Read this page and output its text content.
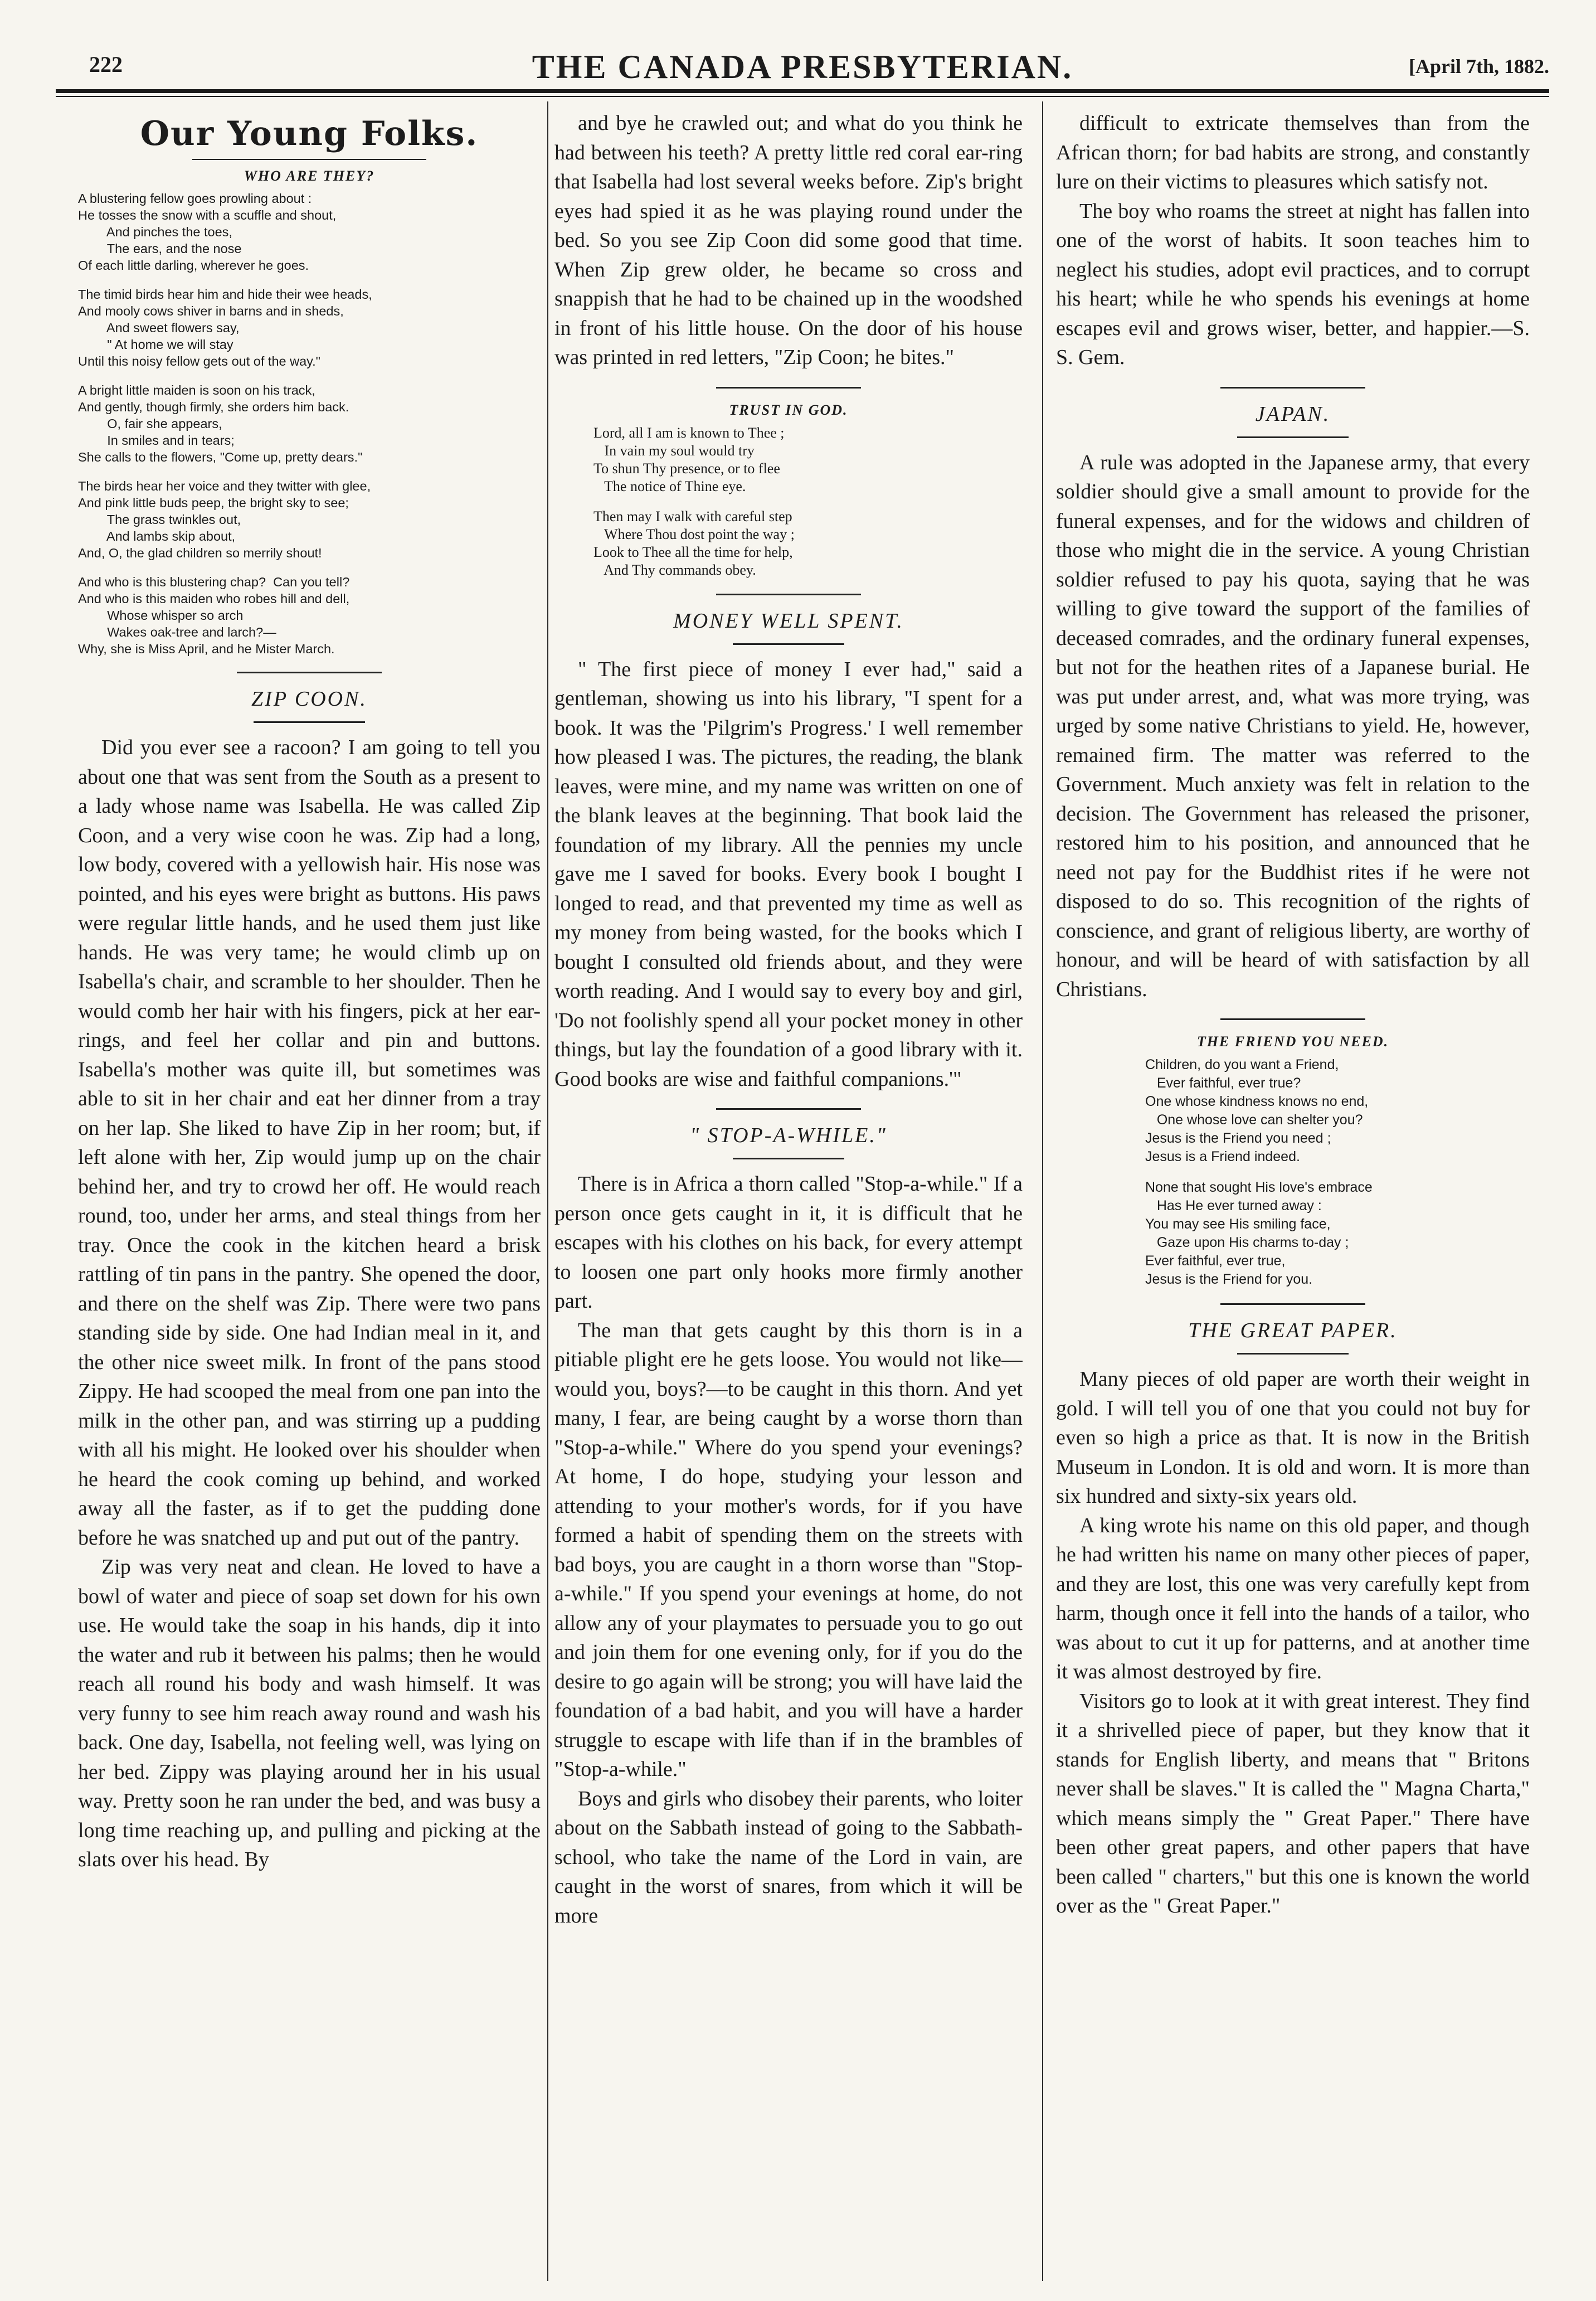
222	THE CANADA PRESBYTERIAN.	[April 7th, 1882.
Our Young Folks.
WHO ARE THEY?
A blustering fellow goes prowling about :
He tosses the snow with a scuffle and shout,
And pinches the toes,
The ears, and the nose
Of each little darling, wherever he goes.
The timid birds hear him and hide their wee heads,
And mooly cows shiver in barns and in sheds,
And sweet flowers say,
" At home we will stay
Until this noisy fellow gets out of the way."
A bright little maiden is soon on his track,
And gently, though firmly, she orders him back.
O, fair she appears,
In smiles and in tears;
She calls to the flowers, "Come up, pretty dears."
The birds hear her voice and they twitter with glee,
And pink little buds peep, the bright sky to see;
The grass twinkles out,
And lambs skip about,
And, O, the glad children so merrily shout!
And who is this blustering chap?  Can you tell?
And who is this maiden who robes hill and dell,
Whose whisper so arch
Wakes oak-tree and larch?—
Why, she is Miss April, and he Mister March.
ZIP COON.

Did you ever see a racoon? I am going to tell you about one that was sent from the South as a present to a lady whose name was Isabella. He was called Zip Coon, and a very wise coon he was. Zip had a long, low body, covered with a yellowish hair. His nose was pointed, and his eyes were bright as buttons. His paws were regular little hands, and he used them just like hands. He was very tame; he would climb up on Isabella's chair, and scramble to her shoulder. Then he would comb her hair with his fingers, pick at her ear-rings, and feel her collar and pin and buttons. Isabella's mother was quite ill, but sometimes was able to sit in her chair and eat her dinner from a tray on her lap. She liked to have Zip in her room; but, if left alone with her, Zip would jump up on the chair behind her, and try to crowd her off. He would reach round, too, under her arms, and steal things from her tray. Once the cook in the kitchen heard a brisk rattling of tin pans in the pantry. She opened the door, and there on the shelf was Zip. There were two pans standing side by side. One had Indian meal in it, and the other nice sweet milk. In front of the pans stood Zippy. He had scooped the meal from one pan into the milk in the other pan, and was stirring up a pudding with all his might. He looked over his shoulder when he heard the cook coming up behind, and worked away all the faster, as if to get the pudding done before he was snatched up and put out of the pantry.

Zip was very neat and clean. He loved to have a bowl of water and piece of soap set down for his own use. He would take the soap in his hands, dip it into the water and rub it between his palms; then he would reach all round his body and wash himself. It was very funny to see him reach away round and wash his back. One day, Isabella, not feeling well, was lying on her bed. Zippy was playing around her in his usual way. Pretty soon he ran under the bed, and was busy a long time reaching up, and pulling and picking at the slats over his head. By

and bye he crawled out; and what do you think he had between his teeth? A pretty little red coral ear-ring that Isabella had lost several weeks before. Zip's bright eyes had spied it as he was playing round under the bed. So you see Zip Coon did some good that time. When Zip grew older, he became so cross and snappish that he had to be chained up in the woodshed in front of his little house. On the door of his house was printed in red letters, "Zip Coon; he bites."

TRUST IN GOD.
Lord, all I am is known to Thee ;
In vain my soul would try
To shun Thy presence, or to flee
The notice of Thine eye.
Then may I walk with careful step
Where Thou dost point the way ;
Look to Thee all the time for help,
And Thy commands obey.
MONEY WELL SPENT.

" The first piece of money I ever had," said a gentleman, showing us into his library, "I spent for a book. It was the 'Pilgrim's Progress.' I well remember how pleased I was. The pictures, the reading, the blank leaves, were mine, and my name was written on one of the blank leaves at the beginning. That book laid the foundation of my library. All the pennies my uncle gave me I saved for books. Every book I bought I longed to read, and that prevented my time as well as my money from being wasted, for the books which I bought I consulted old friends about, and they were worth reading. And I would say to every boy and girl, 'Do not foolishly spend all your pocket money in other things, but lay the foundation of a good library with it. Good books are wise and faithful companions.'"

" STOP-A-WHILE."

There is in Africa a thorn called "Stop-a-while." If a person once gets caught in it, it is difficult that he escapes with his clothes on his back, for every attempt to loosen one part only hooks more firmly another part.

The man that gets caught by this thorn is in a pitiable plight ere he gets loose. You would not like—would you, boys?—to be caught in this thorn. And yet many, I fear, are being caught by a worse thorn than "Stop-a-while." Where do you spend your evenings? At home, I do hope, studying your lesson and attending to your mother's words, for if you have formed a habit of spending them on the streets with bad boys, you are caught in a thorn worse than "Stop-a-while." If you spend your evenings at home, do not allow any of your playmates to persuade you to go out and join them for one evening only, for if you do the desire to go again will be strong; you will have laid the foundation of a bad habit, and you will have a harder struggle to escape with life than if in the brambles of "Stop-a-while."

Boys and girls who disobey their parents, who loiter about on the Sabbath instead of going to the Sabbath-school, who take the name of the Lord in vain, are caught in the worst of snares, from which it will be more

difficult to extricate themselves than from the African thorn; for bad habits are strong, and constantly lure on their victims to pleasures which satisfy not.

The boy who roams the street at night has fallen into one of the worst of habits. It soon teaches him to neglect his studies, adopt evil practices, and to corrupt his heart; while he who spends his evenings at home escapes evil and grows wiser, better, and happier.—S. S. Gem.

JAPAN.

A rule was adopted in the Japanese army, that every soldier should give a small amount to provide for the funeral expenses, and for the widows and children of those who might die in the service. A young Christian soldier refused to pay his quota, saying that he was willing to give toward the support of the families of deceased comrades, and the ordinary funeral expenses, but not for the heathen rites of a Japanese burial. He was put under arrest, and, what was more trying, was urged by some native Christians to yield. He, however, remained firm. The matter was referred to the Government. Much anxiety was felt in relation to the decision. The Government has released the prisoner, restored him to his position, and announced that he need not pay for the Buddhist rites if he were not disposed to do so. This recognition of the rights of conscience, and grant of religious liberty, are worthy of honour, and will be heard of with satisfaction by all Christians.

THE FRIEND YOU NEED.
Children, do you want a Friend,
Ever faithful, ever true?
One whose kindness knows no end,
One whose love can shelter you?
Jesus is the Friend you need ;
Jesus is a Friend indeed.
None that sought His love's embrace
Has He ever turned away :
You may see His smiling face,
Gaze upon His charms to-day ;
Ever faithful, ever true,
Jesus is the Friend for you.
THE GREAT PAPER.

Many pieces of old paper are worth their weight in gold. I will tell you of one that you could not buy for even so high a price as that. It is now in the British Museum in London. It is old and worn. It is more than six hundred and sixty-six years old.

A king wrote his name on this old paper, and though he had written his name on many other pieces of paper, and they are lost, this one was very carefully kept from harm, though once it fell into the hands of a tailor, who was about to cut it up for patterns, and at another time it was almost destroyed by fire.

Visitors go to look at it with great interest. They find it a shrivelled piece of paper, but they know that it stands for English liberty, and means that " Britons never shall be slaves." It is called the " Magna Charta," which means simply the " Great Paper." There have been other great papers, and other papers that have been called " charters," but this one is known the world over as the " Great Paper."
